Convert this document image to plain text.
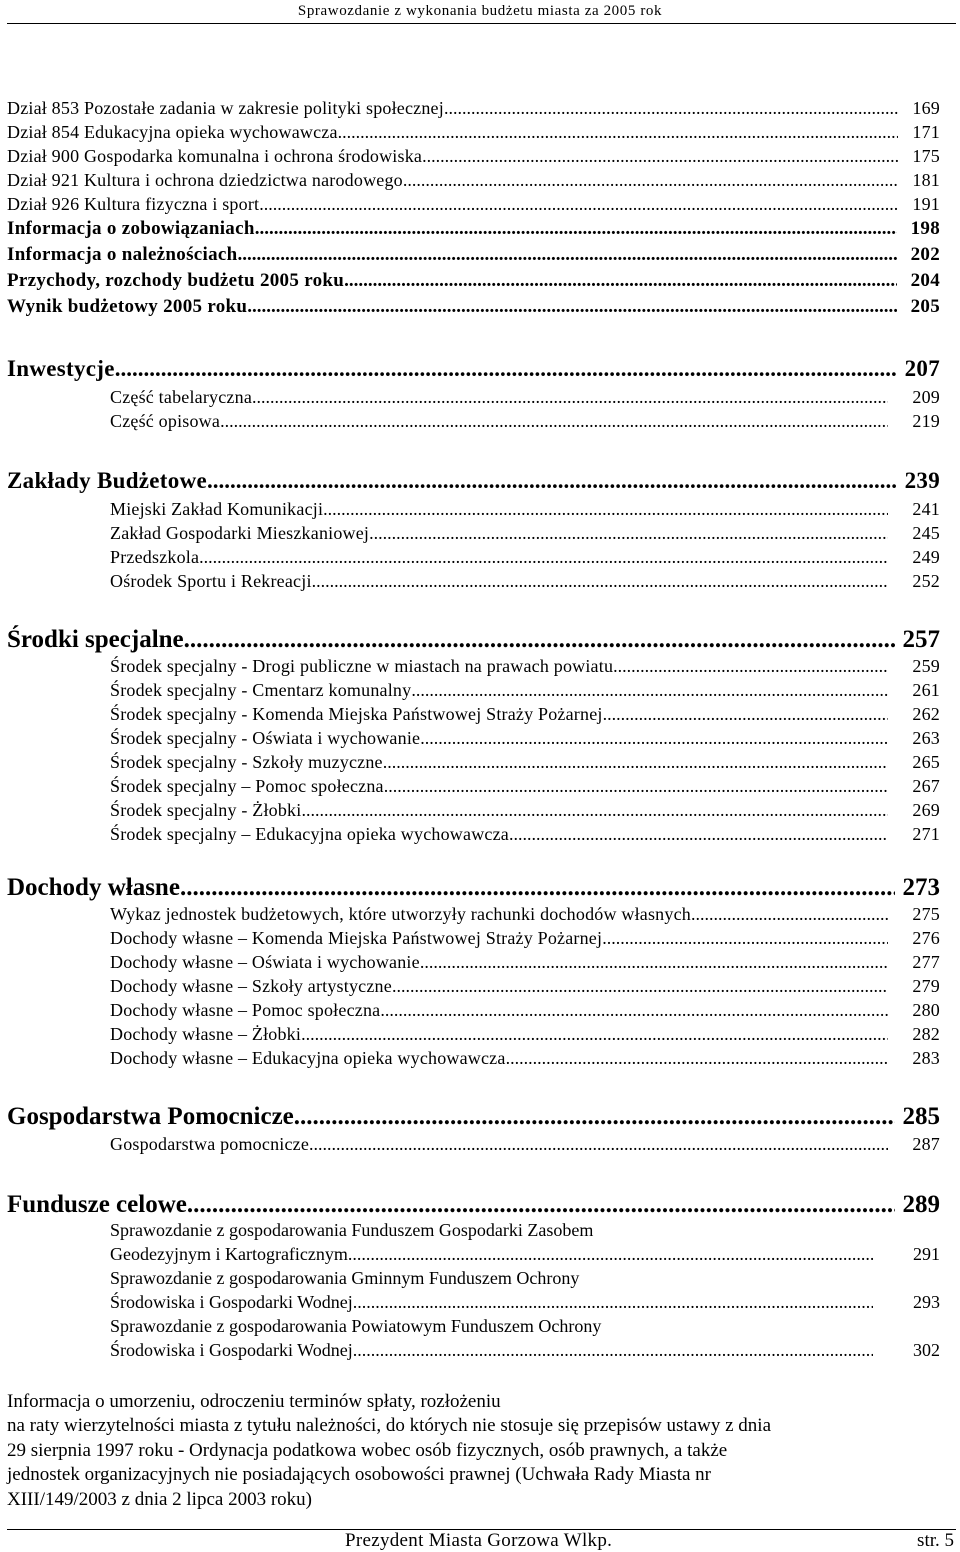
Sprawozdanie z wykonania budżetu miasta za 2005 rok
Dział 853 Pozostałe zadania w zakresie polityki społecznej .....	169
Dział 854 Edukacyjna opieka wychowawcza .....	171
Dział 900 Gospodarka komunalna i ochrona środowiska .....	175
Dział 921 Kultura i ochrona dziedzictwa narodowego .....	181
Dział 926 Kultura fizyczna i sport .....	191
Informacja o zobowiązaniach .....	198
Informacja o należnościach .....	202
Przychody, rozchody budżetu 2005 roku .....	204
Wynik budżetowy 2005 roku .....	205
Inwestycje .....	207
Część tabelaryczna .....	209
Część opisowa .....	219
Zakłady Budżetowe .....	239
Miejski Zakład Komunikacji .....	241
Zakład Gospodarki Mieszkaniowej .....	245
Przedszkola .....	249
Ośrodek Sportu i Rekreacji .....	252
Środki specjalne .....	257
Środek specjalny - Drogi publiczne w miastach na prawach powiatu .....	259
Środek specjalny - Cmentarz komunalny .....	261
Środek specjalny - Komenda Miejska Państwowej Straży Pożarnej .....	262
Środek specjalny - Oświata i wychowanie .....	263
Środek specjalny - Szkoły muzyczne .....	265
Środek specjalny – Pomoc społeczna .....	267
Środek specjalny - Żłobki .....	269
Środek specjalny – Edukacyjna opieka wychowawcza .....	271
Dochody własne .....	273
Wykaz jednostek budżetowych, które utworzyły rachunki dochodów własnych .....	275
Dochody własne – Komenda Miejska Państwowej Straży Pożarnej .....	276
Dochody własne – Oświata i wychowanie .....	277
Dochody własne – Szkoły artystyczne .....	279
Dochody własne – Pomoc społeczna .....	280
Dochody własne – Żłobki .....	282
Dochody własne – Edukacyjna opieka wychowawcza .....	283
Gospodarstwa Pomocnicze .....	285
Gospodarstwa pomocnicze .....	287
Fundusze celowe .....	289
Sprawozdanie z gospodarowania Funduszem Gospodarki Zasobem
Geodezyjnym i Kartograficznym .....	291
Sprawozdanie z gospodarowania Gminnym Funduszem Ochrony
Środowiska i Gospodarki Wodnej .....	293
Sprawozdanie z gospodarowania Powiatowym Funduszem Ochrony
Środowiska i Gospodarki Wodnej .....	302
Informacja o umorzeniu, odroczeniu terminów spłaty, rozłożeniu
na raty wierzytelności miasta z tytułu należności, do których nie stosuje się przepisów ustawy z dnia
29 sierpnia 1997 roku - Ordynacja podatkowa wobec osób fizycznych, osób prawnych, a także
jednostek organizacyjnych nie posiadających osobowości prawnej (Uchwała Rady Miasta nr
XIII/149/2003 z dnia 2 lipca 2003 roku)
Prezydent Miasta Gorzowa Wlkp.	str. 5
